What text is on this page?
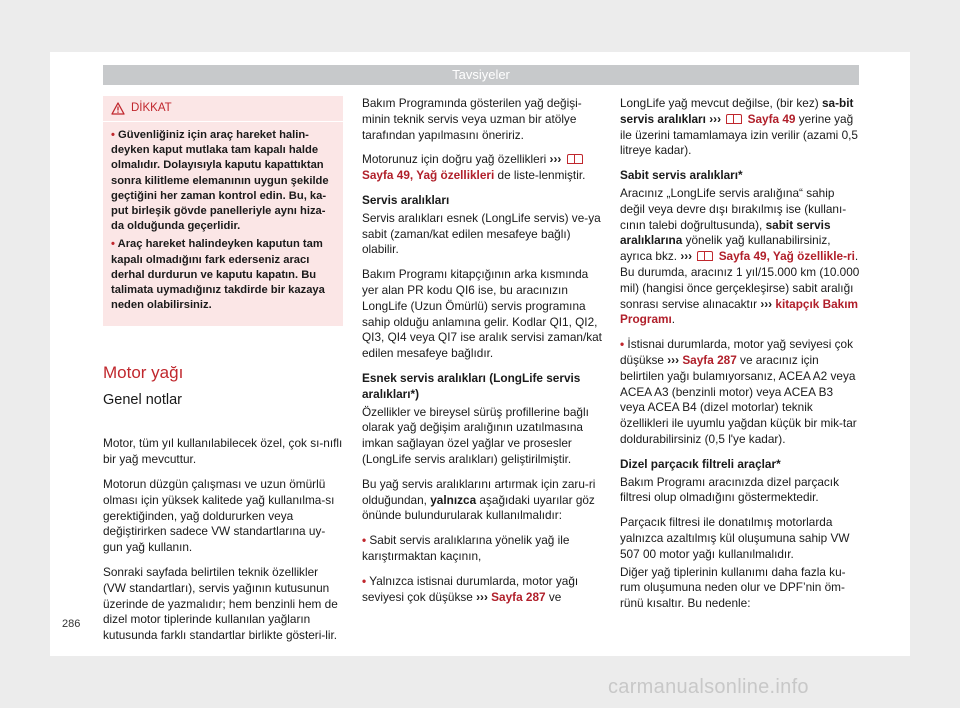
Tavsiyeler
DİKKAT
• Güvenliğiniz için araç hareket halin-deyken kaput mutlaka tam kapalı halde olmalıdır. Dolayısıyla kaputu kapattıktan sonra kilitleme elemanının uygun şekilde geçtiğini her zaman kontrol edin. Bu, ka-put birleşik gövde panelleriyle aynı hiza-da olduğunda geçerlidir.
• Araç hareket halindeyken kaputun tam kapalı olmadığını fark ederseniz aracı derhal durdurun ve kaputu kapatın. Bu talimata uymadığınız takdirde bir kazaya neden olabilirsiniz.
Motor yağı
Genel notlar

Motor, tüm yıl kullanılabilecek özel, çok sı-nıflı bir yağ mevcuttur.

Motorun düzgün çalışması ve uzun ömürlü olması için yüksek kalitede yağ kullanılma-sı gerektiğinden, yağ doldururken veya değiştirirken sadece VW standartlarına uy-gun yağ kullanın.

Sonraki sayfada belirtilen teknik özellikler (VW standartları), servis yağının kutusunun üzerinde de yazmalıdır; hem benzinli hem de dizel motor tiplerinde kullanılan yağların kutusunda farklı standartlar birlikte gösteri-lir.

Bakım Programında gösterilen yağ değişi-minin teknik servis veya uzman bir atölye tarafından yapılmasını öneririz.

Motorunuz için doğru yağ özellikleri ›››  Sayfa 49, Yağ özellikleri de liste-lenmiştir.

Servis aralıkları

Servis aralıkları esnek (LongLife servis) ve-ya sabit (zaman/kat edilen mesafeye bağlı) olabilir.

Bakım Programı kitapçığının arka kısmında yer alan PR kodu QI6 ise, bu aracınızın LongLife (Uzun Ömürlü) servis programına sahip olduğu anlamına gelir. Kodlar QI1, QI2, QI3, QI4 veya QI7 ise aralık servisi zaman/kat edilen mesafeye bağlıdır.

Esnek servis aralıkları (LongLife servis aralıkları*)

Özellikler ve bireysel sürüş profillerine bağlı olarak yağ değişim aralığının uzatılmasına imkan sağlayan özel yağlar ve prosesler (LongLife servis aralıkları) geliştirilmiştir.

Bu yağ servis aralıklarını artırmak için zaru-ri olduğundan, yalnızca aşağıdaki uyarılar göz önünde bulundurularak kullanılmalıdır:

• Sabit servis aralıklarına yönelik yağ ile karıştırmaktan kaçının,

• Yalnızca istisnai durumlarda, motor yağı seviyesi çok düşükse ››› Sayfa 287 ve

LongLife yağ mevcut değilse, (bir kez) sa-bit servis aralıkları ››› Sayfa 49 yerine yağ ile üzerini tamamlamaya izin verilir (azami 0,5 litreye kadar).

Sabit servis aralıkları*

Aracınız „LongLife servis aralığına“ sahip değil veya devre dışı bırakılmış ise (kullanı-cının talebi doğrultusunda), sabit servis aralıklarına yönelik yağ kullanabilirsiniz, ayrıca bkz. ››› Sayfa 49, Yağ özellikle-ri. Bu durumda, aracınız 1 yıl/15.000 km (10.000 mil) (hangisi önce gerçekleşirse) sabit aralığı sonrası servise alınacaktır ››› kitapçık Bakım Programı.

• İstisnai durumlarda, motor yağ seviyesi çok düşükse ››› Sayfa 287 ve aracınız için belirtilen yağı bulamıyorsanız, ACEA A2 veya ACEA A3 (benzinli motor) veya ACEA B3 veya ACEA B4 (dizel motorlar) teknik özellikleri ile uyumlu yağdan küçük bir mik-tar doldurabilirsiniz (0,5 l'ye kadar).

Dizel parçacık filtreli araçlar*

Bakım Programı aracınızda dizel parçacık filtresi olup olmadığını göstermektedir.

Parçacık filtresi ile donatılmış motorlarda yalnızca azaltılmış kül oluşumuna sahip VW 507 00 motor yağı kullanılmalıdır.

Diğer yağ tiplerinin kullanımı daha fazla ku-rum oluşumuna neden olur ve DPF’nin öm-rünü kısaltır. Bu nedenle:

286
carmanualsonline.info
